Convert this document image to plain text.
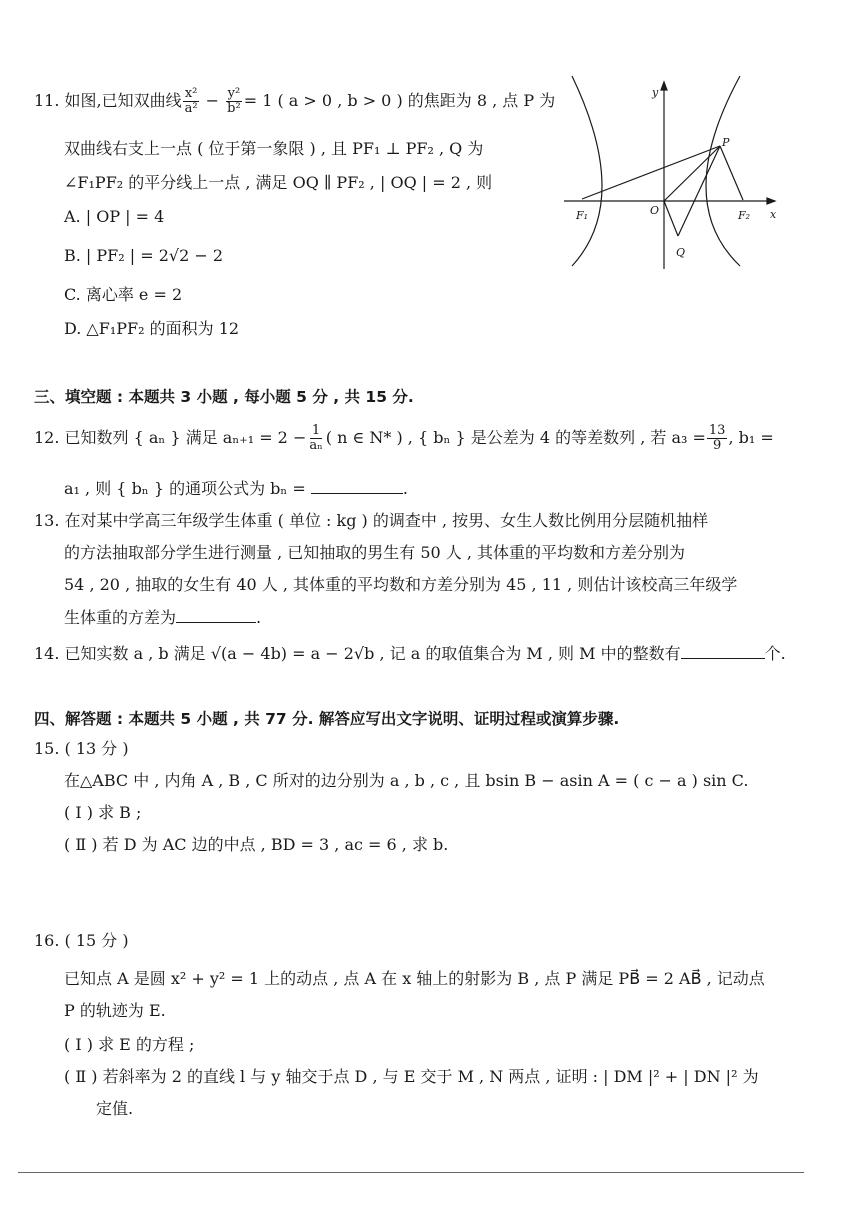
11. 如图,已知双曲线 $\frac{\text{x²}}{\text{a²}} - \frac{\text{y²}}{\text{b²}} = 1$ ( a > 0 , b > 0 ) 的焦距为 8 , 点 P 为
双曲线右支上一点 ( 位于第一象限 ) , 且 PF₁ ⊥ PF₂ , Q 为
∠F₁PF₂ 的平分线上一点 , 满足 OQ ∥ PF₂ , | OQ | = 2 , 则
A. | OP | = 4
B. | PF₂ | = 2√2 − 2
C. 离心率 e = 2
D. △F₁PF₂ 的面积为 12
y
x
P
F₁	O	F₂
Q
三、填空题 : 本题共 3 小题 , 每小题 5 分 , 共 15 分.
12. 已知数列 { aₙ } 满足 $a_{n+1} = 2 - \frac{1}{\text{aₙ}}$ ( n ∈ N* ) , { bₙ } 是公差为 4 的等差数列 , 若 $a_3 = \frac{13}{9}$ , b₁ =
a₁ , 则 { bₙ } 的通项公式为 bₙ =	.
13. 在对某中学高三年级学生体重 ( 单位 : kg ) 的调查中 , 按男、女生人数比例用分层随机抽样
的方法抽取部分学生进行测量 , 已知抽取的男生有 50 人 , 其体重的平均数和方差分别为
54 , 20 , 抽取的女生有 40 人 , 其体重的平均数和方差分别为 45 , 11 , 则估计该校高三年级学
生体重的方差为	.
14. 已知实数 a , b 满足 √(a − 4b) = a − 2√b , 记 a 的取值集合为 M , 则 M 中的整数有	个.
四、解答题 : 本题共 5 小题 , 共 77 分. 解答应写出文字说明、证明过程或演算步骤.
15. ( 13 分 )
在△ABC 中 , 内角 A , B , C 所对的边分别为 a , b , c , 且 bsin B − asin A = ( c − a ) sin C.
( Ⅰ ) 求 B ;
( Ⅱ ) 若 D 为 AC 边的中点 , BD = 3 , ac = 6 , 求 b.
16. ( 15 分 )
已知点 A 是圆 x² + y² = 1 上的动点 , 点 A 在 x 轴上的射影为 B , 点 P 满足 PB⃗ = 2 AB⃗ , 记动点
P 的轨迹为 E.
( Ⅰ ) 求 E 的方程 ;
( Ⅱ ) 若斜率为 2 的直线 l 与 y 轴交于点 D , 与 E 交于 M , N 两点 , 证明 : | DM |² + | DN |² 为
定值.
